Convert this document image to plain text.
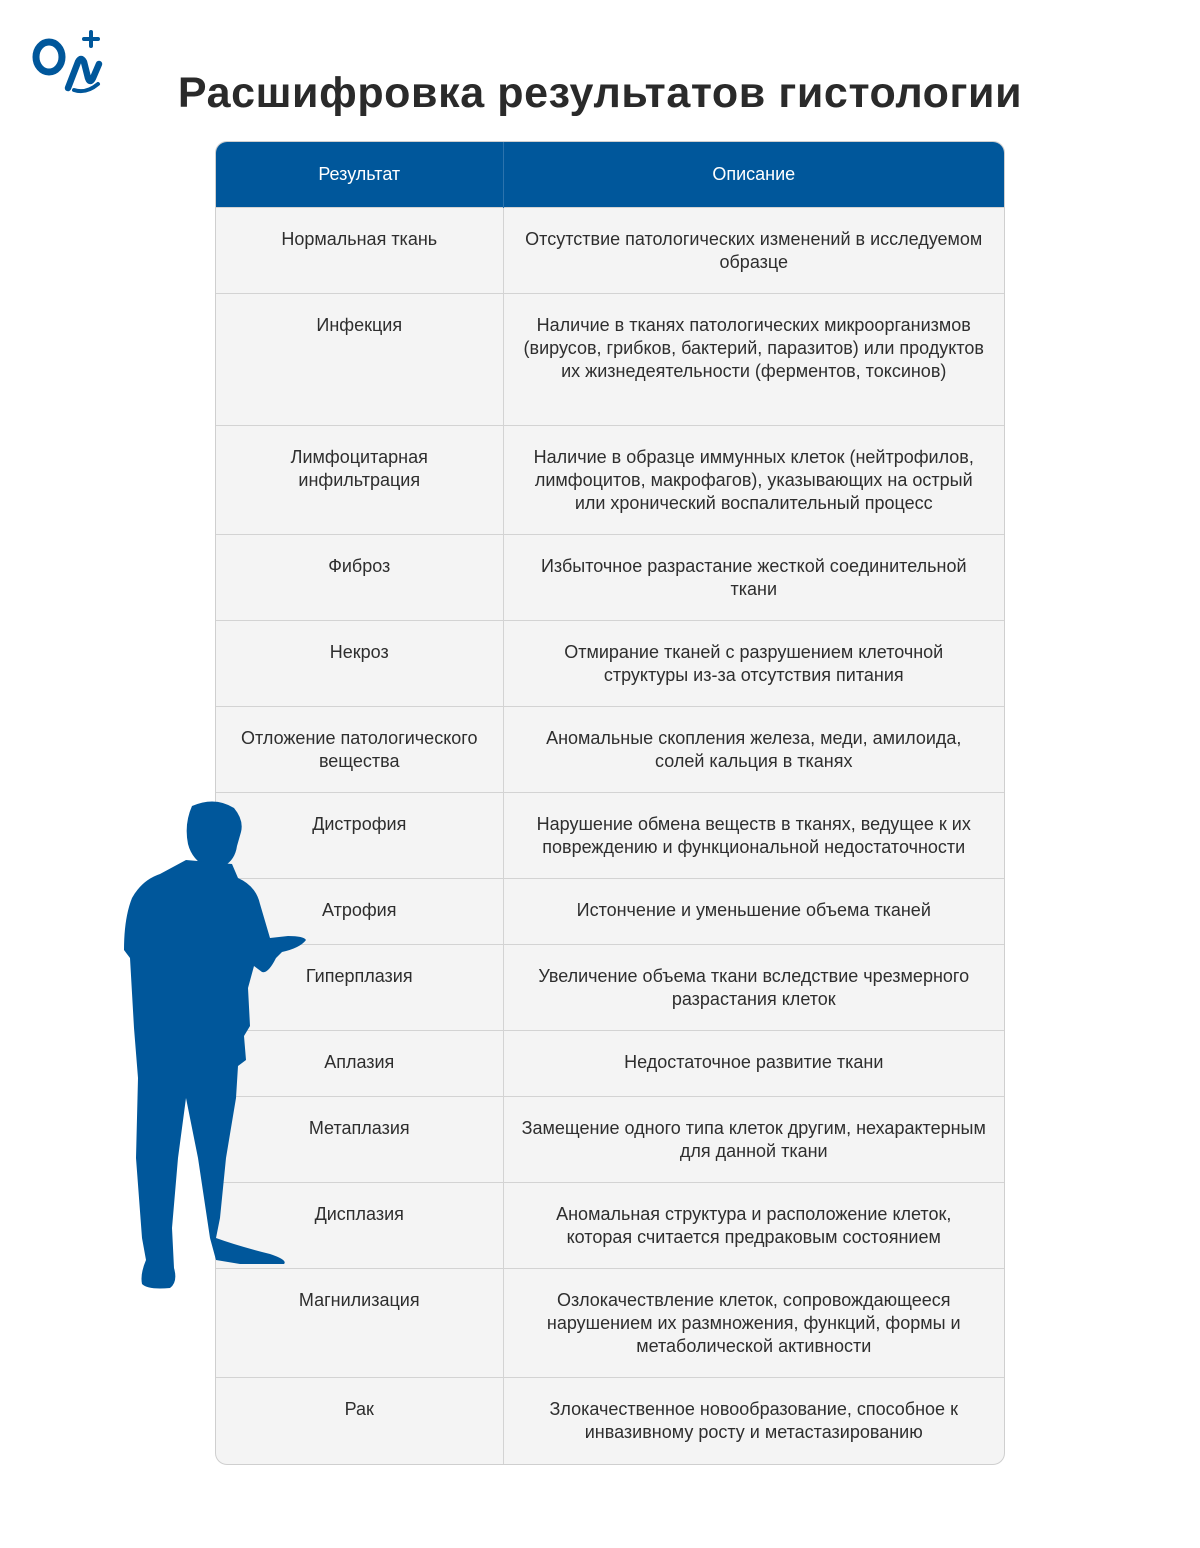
Расшифровка результатов гистологии
Результат	Описание
Нормальная ткань	Отсутствие патологических изменений в исследуемом образце
Инфекция	Наличие в тканях патологических микроорганизмов (вирусов, грибков, бактерий, паразитов) или продуктов их жизнедеятельности (ферментов, токсинов)
Лимфоцитарная инфильтрация	Наличие в образце иммунных клеток (нейтрофилов, лимфоцитов, макрофагов), указывающих на острый или хронический воспалительный процесс
Фиброз	Избыточное разрастание жесткой соединительной ткани
Некроз	Отмирание тканей с разрушением клеточной структуры из-за отсутствия питания
Отложение патологического вещества	Аномальные скопления железа, меди, амилоида, солей кальция в тканях
Дистрофия	Нарушение обмена веществ в тканях, ведущее к их повреждению и функциональной недостаточности
Атрофия	Истончение и уменьшение объема тканей
Гиперплазия	Увеличение объема ткани вследствие чрезмерного разрастания клеток
Аплазия	Недостаточное развитие ткани
Метаплазия	Замещение одного типа клеток другим, нехарактерным для данной ткани
Дисплазия	Аномальная структура и расположение клеток, которая считается предраковым состоянием
Магнилизация	Озлокачествление клеток, сопровождающееся нарушением их размножения, функций, формы и метаболической активности
Рак	Злокачественное новообразование, способное к инвазивному росту и метастазированию
